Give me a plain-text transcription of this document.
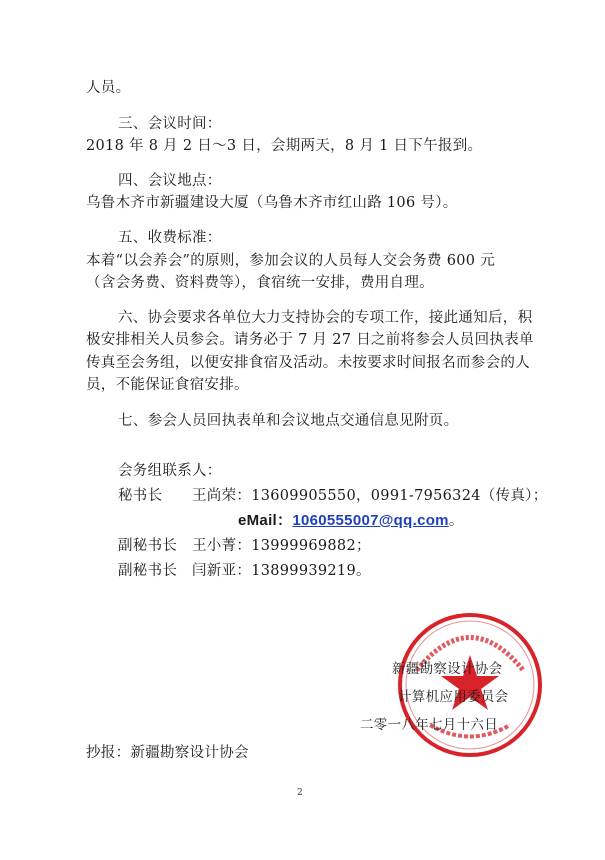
人员。
三、会议时间：
2018 年 8 月 2 日～3 日，会期两天，8 月 1 日下午报到。
四、会议地点：
乌鲁木齐市新疆建设大厦（乌鲁木齐市红山路 106 号）。
五、收费标准：
本着“以会养会”的原则，参加会议的人员每人交会务费 600 元
（含会务费、资料费等），食宿统一安排，费用自理。
六、协会要求各单位大力支持协会的专项工作，接此通知后，积
极安排相关人员参会。请务必于 7 月 27 日之前将参会人员回执表单
传真至会务组，以便安排食宿及活动。未按要求时间报名而参会的人
员，不能保证食宿安排。
七、参会人员回执表单和会议地点交通信息见附页。
会务组联系人：
秘书长　　王尚荣：13609905550，0991-7956324（传真）；
eMail：1060555007@qq.com。
副秘书长　王小菁：13999969882；
副秘书长　闫新亚：13899939219。
新疆勘察设计协会
计算机应用委员会
二零一八年七月十六日
抄报：新疆勘察设计协会
2
